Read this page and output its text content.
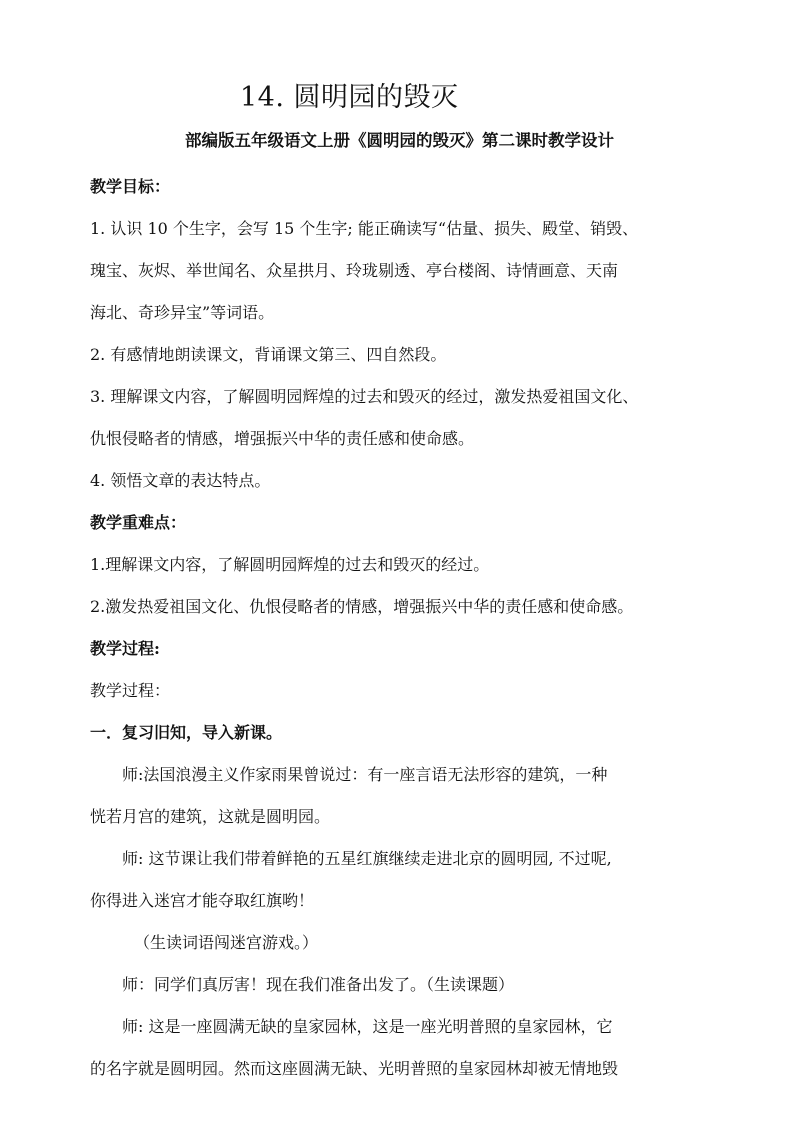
14. 圆明园的毁灭
部编版五年级语文上册《圆明园的毁灭》第二课时教学设计
教学目标：
1. 认识 10 个生字，会写 15 个生字; 能正确读写“估量、损失、殿堂、销毁、
瑰宝、灰烬、举世闻名、众星拱月、玲珑剔透、亭台楼阁、诗情画意、天南
海北、奇珍异宝”等词语。
2. 有感情地朗读课文，背诵课文第三、四自然段。
3. 理解课文内容，了解圆明园辉煌的过去和毁灭的经过，激发热爱祖国文化、
仇恨侵略者的情感，增强振兴中华的责任感和使命感。
4. 领悟文章的表达特点。
教学重难点：
1.理解课文内容，了解圆明园辉煌的过去和毁灭的经过。
2.激发热爱祖国文化、仇恨侵略者的情感，增强振兴中华的责任感和使命感。
教学过程:
教学过程：
一．复习旧知，导入新课。
师:法国浪漫主义作家雨果曾说过：有一座言语无法形容的建筑，一种
恍若月宫的建筑，这就是圆明园。
师: 这节课让我们带着鲜艳的五星红旗继续走进北京的圆明园, 不过呢,
你得进入迷宫才能夺取红旗哟！
（生读词语闯迷宫游戏。）
师：同学们真厉害！现在我们准备出发了。（生读课题）
师: 这是一座圆满无缺的皇家园林，这是一座光明普照的皇家园林，它
的名字就是圆明园。然而这座圆满无缺、光明普照的皇家园林却被无情地毁
